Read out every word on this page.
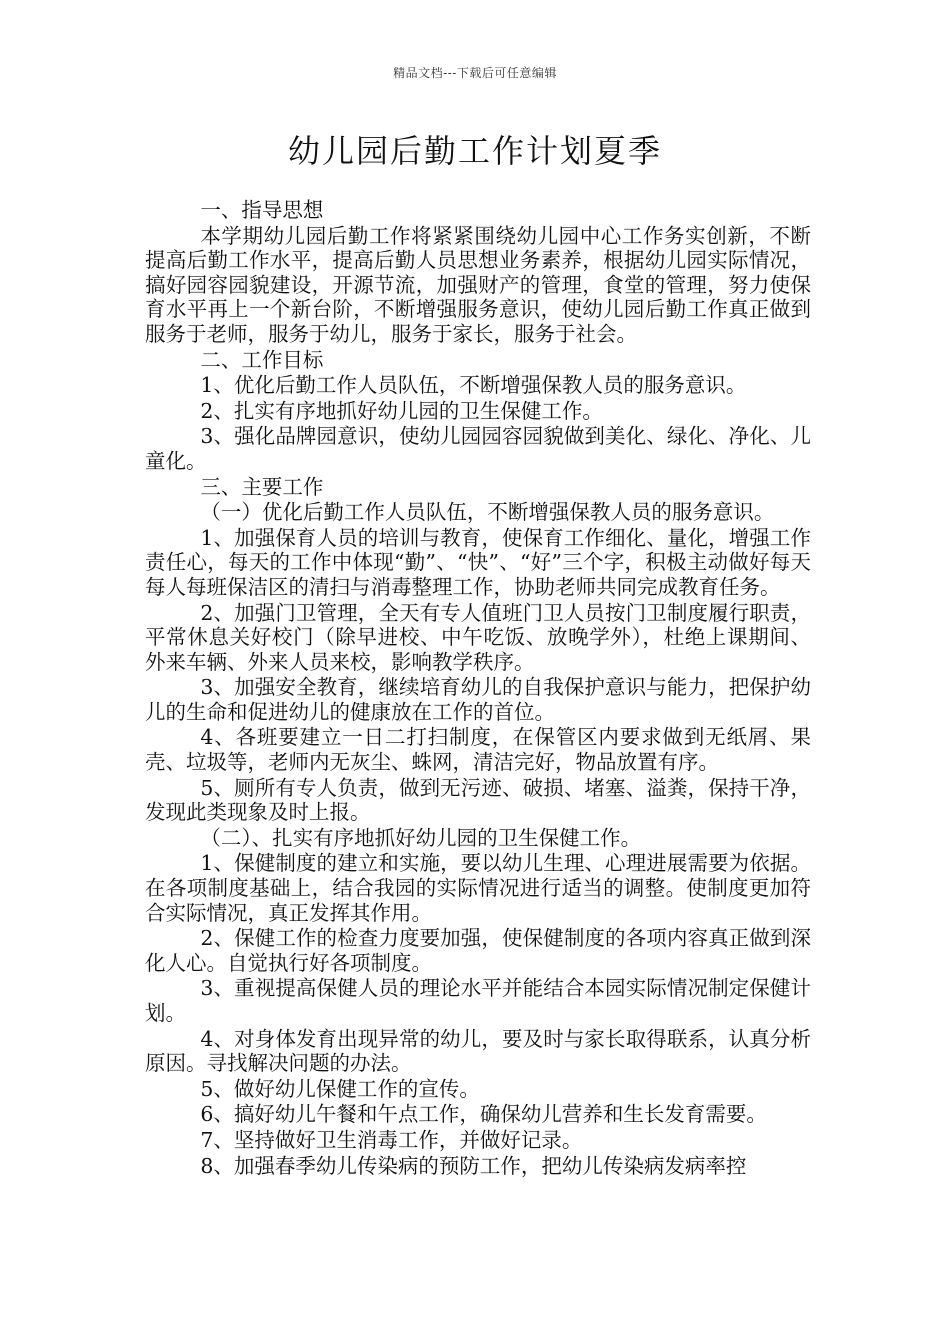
精品文档---下载后可任意编辑
幼儿园后勤工作计划夏季

一、指导思想

本学期幼儿园后勤工作将紧紧围绕幼儿园中心工作务实创新，不断提高后勤工作水平，提高后勤人员思想业务素养，根据幼儿园实际情况，搞好园容园貌建设，开源节流，加强财产的管理，食堂的管理，努力使保育水平再上一个新台阶，不断增强服务意识，使幼儿园后勤工作真正做到服务于老师，服务于幼儿，服务于家长，服务于社会。

二、工作目标

1、优化后勤工作人员队伍，不断增强保教人员的服务意识。

2、扎实有序地抓好幼儿园的卫生保健工作。

3、强化品牌园意识，使幼儿园园容园貌做到美化、绿化、净化、儿童化。

三、主要工作

（一）优化后勤工作人员队伍，不断增强保教人员的服务意识。

1、加强保育人员的培训与教育，使保育工作细化、量化，增强工作责任心，每天的工作中体现“勤”、“快”、“好”三个字，积极主动做好每天每人每班保洁区的清扫与消毒整理工作，协助老师共同完成教育任务。

2、加强门卫管理，全天有专人值班门卫人员按门卫制度履行职责，平常休息关好校门（除早进校、中午吃饭、放晚学外），杜绝上课期间、外来车辆、外来人员来校，影响教学秩序。

3、加强安全教育，继续培育幼儿的自我保护意识与能力，把保护幼儿的生命和促进幼儿的健康放在工作的首位。

4、各班要建立一日二打扫制度，在保管区内要求做到无纸屑、果壳、垃圾等，老师内无灰尘、蛛网，清洁完好，物品放置有序。

5、厕所有专人负责，做到无污迹、破损、堵塞、溢粪，保持干净，发现此类现象及时上报。

（二）、扎实有序地抓好幼儿园的卫生保健工作。

1、保健制度的建立和实施，要以幼儿生理、心理进展需要为依据。在各项制度基础上，结合我园的实际情况进行适当的调整。使制度更加符合实际情况，真正发挥其作用。

2、保健工作的检查力度要加强，使保健制度的各项内容真正做到深化人心。自觉执行好各项制度。

3、重视提高保健人员的理论水平并能结合本园实际情况制定保健计划。

4、对身体发育出现异常的幼儿，要及时与家长取得联系，认真分析原因。寻找解决问题的办法。

5、做好幼儿保健工作的宣传。

6、搞好幼儿午餐和午点工作，确保幼儿营养和生长发育需要。

7、坚持做好卫生消毒工作，并做好记录。

8、加强春季幼儿传染病的预防工作，把幼儿传染病发病率控
